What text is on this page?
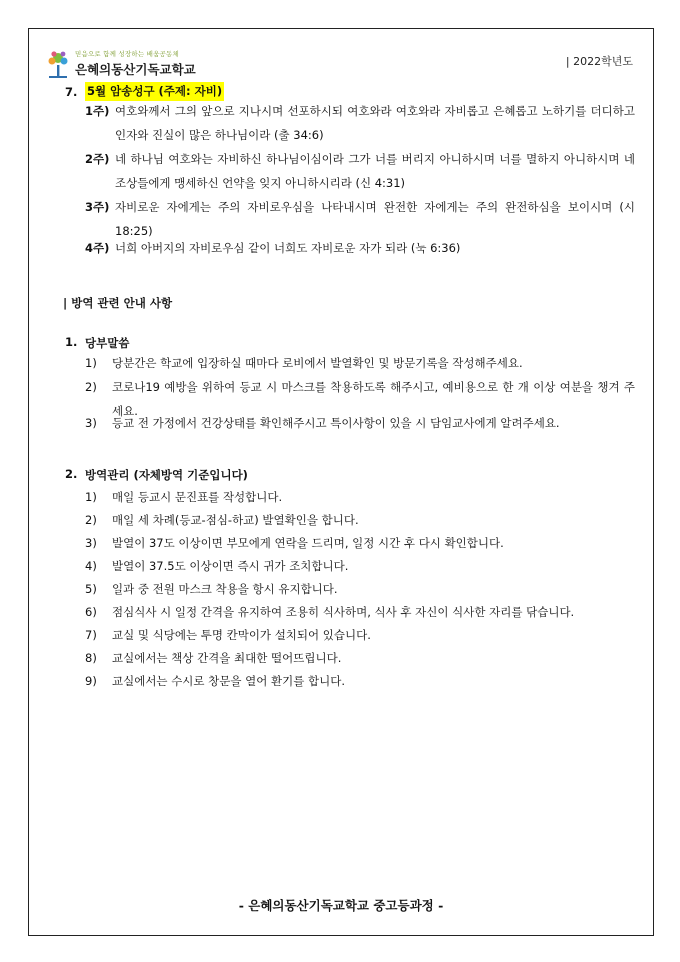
믿음으로 함께 성장하는 배움공동체
은혜의동산기독교학교
| 2022학년도
7. 5월 암송성구 (주제: 자비)
1주) 여호와께서 그의 앞으로 지나시며 선포하시되 여호와라 여호와라 자비롭고 은혜롭고 노하기를 더디하고 인자와 진실이 많은 하나님이라 (출 34:6)
2주) 네 하나님 여호와는 자비하신 하나님이심이라 그가 너를 버리지 아니하시며 너를 멸하지 아니하시며 네 조상들에게 맹세하신 언약을 잊지 아니하시리라 (신 4:31)
3주) 자비로운 자에게는 주의 자비로우심을 나타내시며 완전한 자에게는 주의 완전하심을 보이시며 (시 18:25)
4주) 너희 아버지의 자비로우심 같이 너희도 자비로운 자가 되라 (눅 6:36)
| 방역 관련 안내 사항
1. 당부말씀
1)	당분간은 학교에 입장하실 때마다 로비에서 발열확인 및 방문기록을 작성해주세요.
2)	코로나19 예방을 위하여 등교 시 마스크를 착용하도록 해주시고, 예비용으로 한 개 이상 여분을 챙겨 주세요.
3)	등교 전 가정에서 건강상태를 확인해주시고 특이사항이 있을 시 담임교사에게 알려주세요.
2. 방역관리 (자체방역 기준입니다)
1)	매일 등교시 문진표를 작성합니다.
2)	매일 세 차례(등교-점심-하교) 발열확인을 합니다.
3)	발열이 37도 이상이면 부모에게 연락을 드리며, 일정 시간 후 다시 확인합니다.
4)	발열이 37.5도 이상이면 즉시 귀가 조치합니다.
5)	일과 중 전원 마스크 착용을 항시 유지합니다.
6)	점심식사 시 일정 간격을 유지하여 조용히 식사하며, 식사 후 자신이 식사한 자리를 닦습니다.
7)	교실 및 식당에는 투명 칸막이가 설치되어 있습니다.
8)	교실에서는 책상 간격을 최대한 떨어뜨립니다.
9)	교실에서는 수시로 창문을 열어 환기를 합니다.
- 은혜의동산기독교학교 중고등과정 -
